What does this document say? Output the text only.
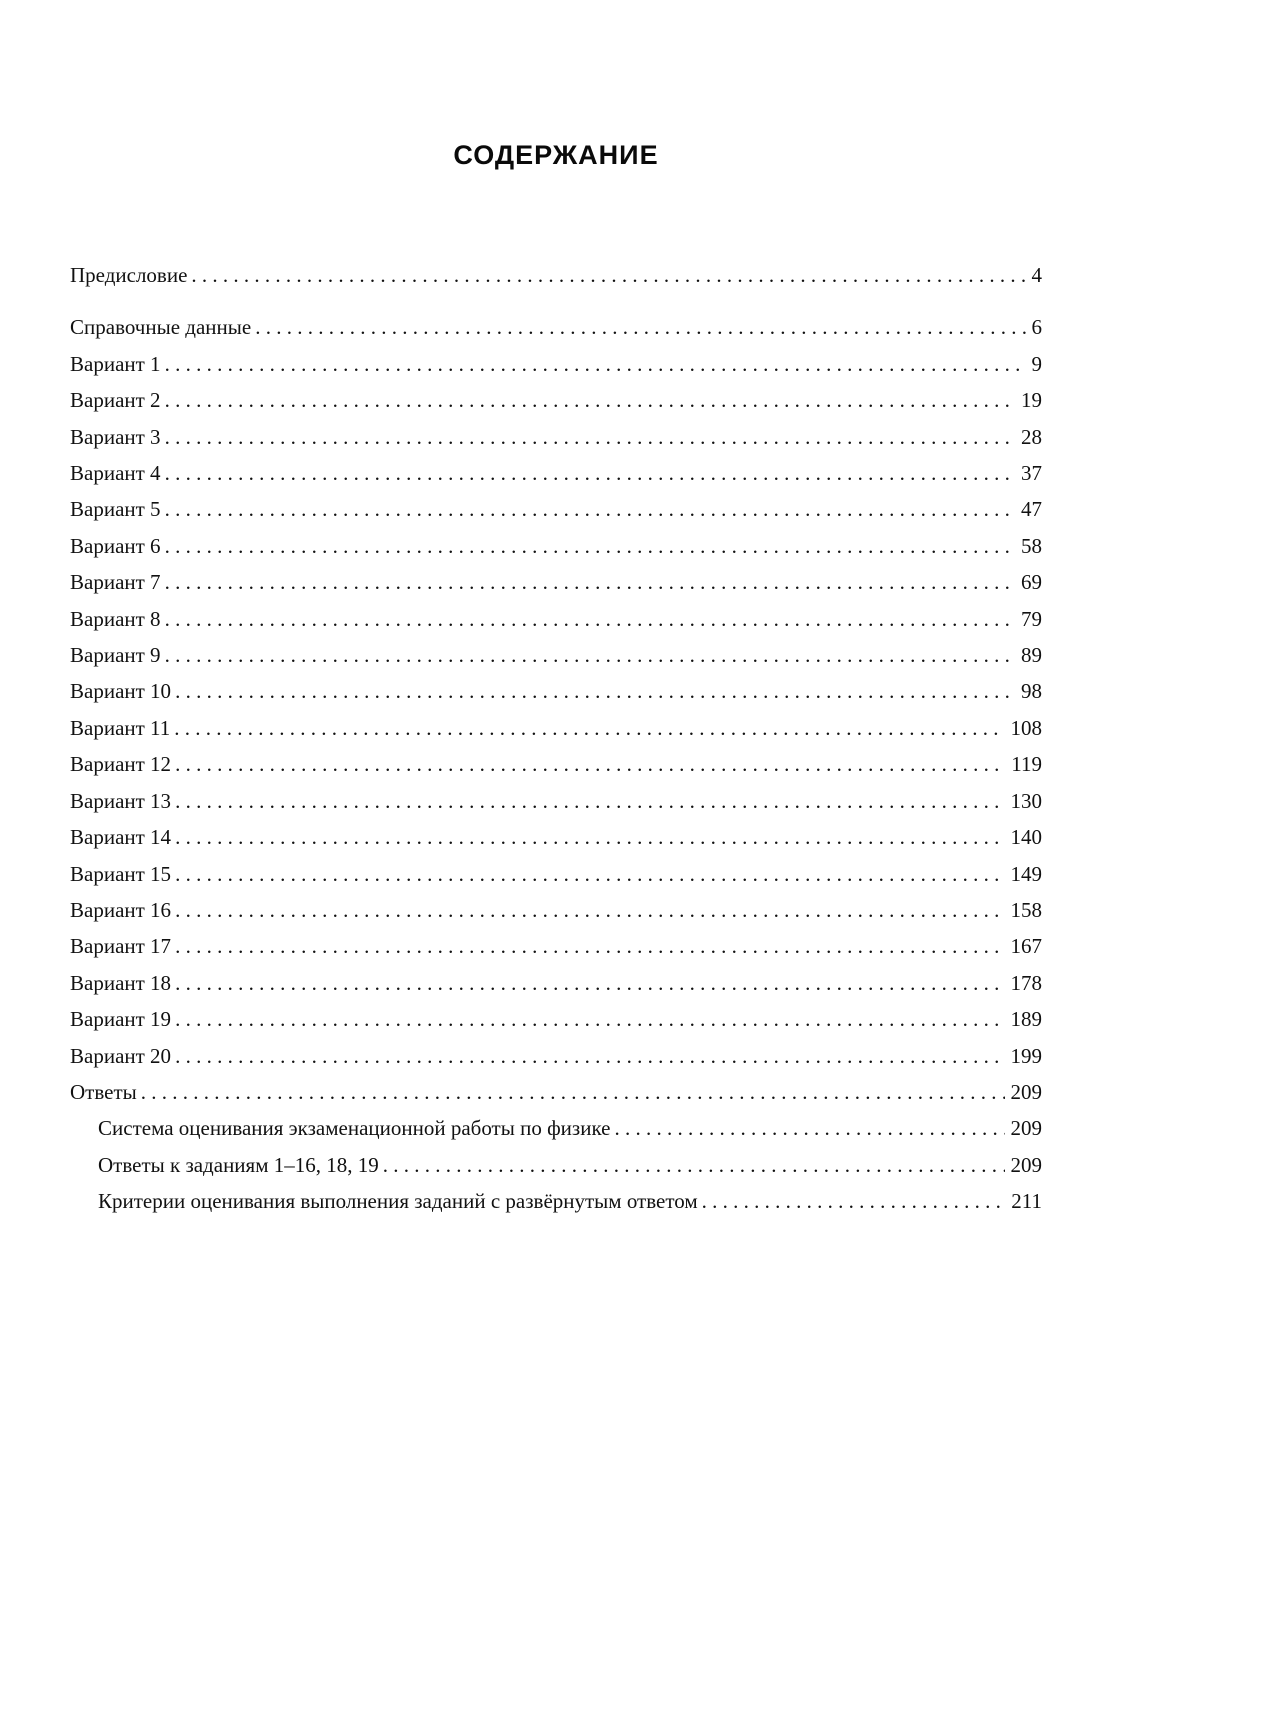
СОДЕРЖАНИЕ
Предисловие . . .	4
Справочные данные . . .	6
Вариант 1 . . .	9
Вариант 2 . . .	19
Вариант 3 . . .	28
Вариант 4 . . .	37
Вариант 5 . . .	47
Вариант 6 . . .	58
Вариант 7 . . .	69
Вариант 8 . . .	79
Вариант 9 . . .	89
Вариант 10 . . .	98
Вариант 11 . . .	108
Вариант 12 . . .	119
Вариант 13 . . .	130
Вариант 14 . . .	140
Вариант 15 . . .	149
Вариант 16 . . .	158
Вариант 17 . . .	167
Вариант 18 . . .	178
Вариант 19 . . .	189
Вариант 20 . . .	199
Ответы . . .	209
Система оценивания экзаменационной работы по физике . . .	209
Ответы к заданиям 1–16, 18, 19 . . .	209
Критерии оценивания выполнения заданий с развёрнутым ответом . . .	211
